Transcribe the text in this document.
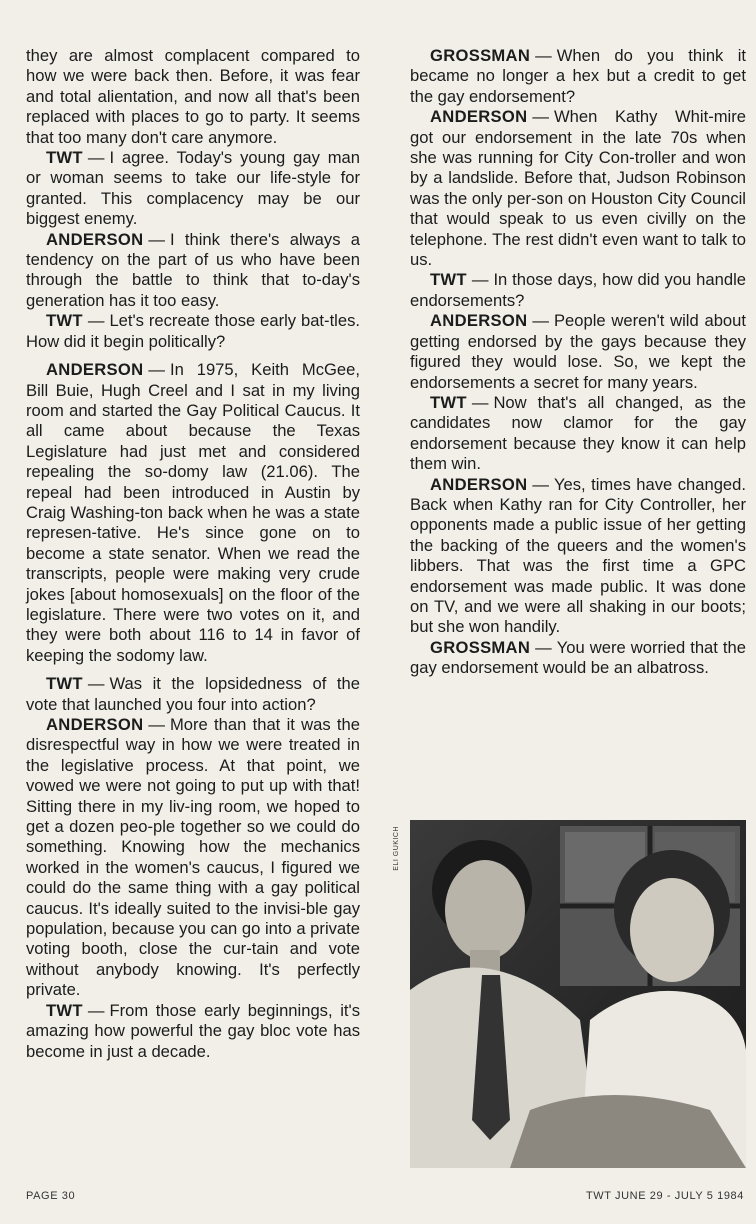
they are almost complacent compared to how we were back then. Before, it was fear and total alientation, and now all that's been replaced with places to go to party. It seems that too many don't care anymore.

TWT — I agree. Today's young gay man or woman seems to take our life-style for granted. This complacency may be our biggest enemy.

ANDERSON — I think there's always a tendency on the part of us who have been through the battle to think that to-day's generation has it too easy.

TWT — Let's recreate those early bat-tles. How did it begin politically?

ANDERSON — In 1975, Keith McGee, Bill Buie, Hugh Creel and I sat in my living room and started the Gay Political Caucus. It all came about because the Texas Legislature had just met and considered repealing the so-domy law (21.06). The repeal had been introduced in Austin by Craig Washing-ton back when he was a state represen-tative. He's since gone on to become a state senator. When we read the transcripts, people were making very crude jokes [about homosexuals] on the floor of the legislature. There were two votes on it, and they were both about 116 to 14 in favor of keeping the sodomy law.

TWT — Was it the lopsidedness of the vote that launched you four into action?

ANDERSON — More than that it was the disrespectful way in how we were treated in the legislative process. At that point, we vowed we were not going to put up with that! Sitting there in my liv-ing room, we hoped to get a dozen peo-ple together so we could do something. Knowing how the mechanics worked in the women's caucus, I figured we could do the same thing with a gay political caucus. It's ideally suited to the invisi-ble gay population, because you can go into a private voting booth, close the cur-tain and vote without anybody knowing. It's perfectly private.

TWT — From those early beginnings, it's amazing how powerful the gay bloc vote has become in just a decade.

GROSSMAN — When do you think it became no longer a hex but a credit to get the gay endorsement?

ANDERSON — When Kathy Whit-mire got our endorsement in the late 70s when she was running for City Con-troller and won by a landslide. Before that, Judson Robinson was the only per-son on Houston City Council that would speak to us even civilly on the telephone. The rest didn't even want to talk to us.

TWT — In those days, how did you handle endorsements?

ANDERSON — People weren't wild about getting endorsed by the gays because they figured they would lose. So, we kept the endorsements a secret for many years.

TWT — Now that's all changed, as the candidates now clamor for the gay endorsement because they know it can help them win.

ANDERSON — Yes, times have changed. Back when Kathy ran for City Controller, her opponents made a public issue of her getting the backing of the queers and the women's libbers. That was the first time a GPC endorsement was made public. It was done on TV, and we were all shaking in our boots; but she won handily.

GROSSMAN — You were worried that the gay endorsement would be an albatross.

ELI GUKICH
PAGE 30	TWT JUNE 29 - JULY 5 1984
